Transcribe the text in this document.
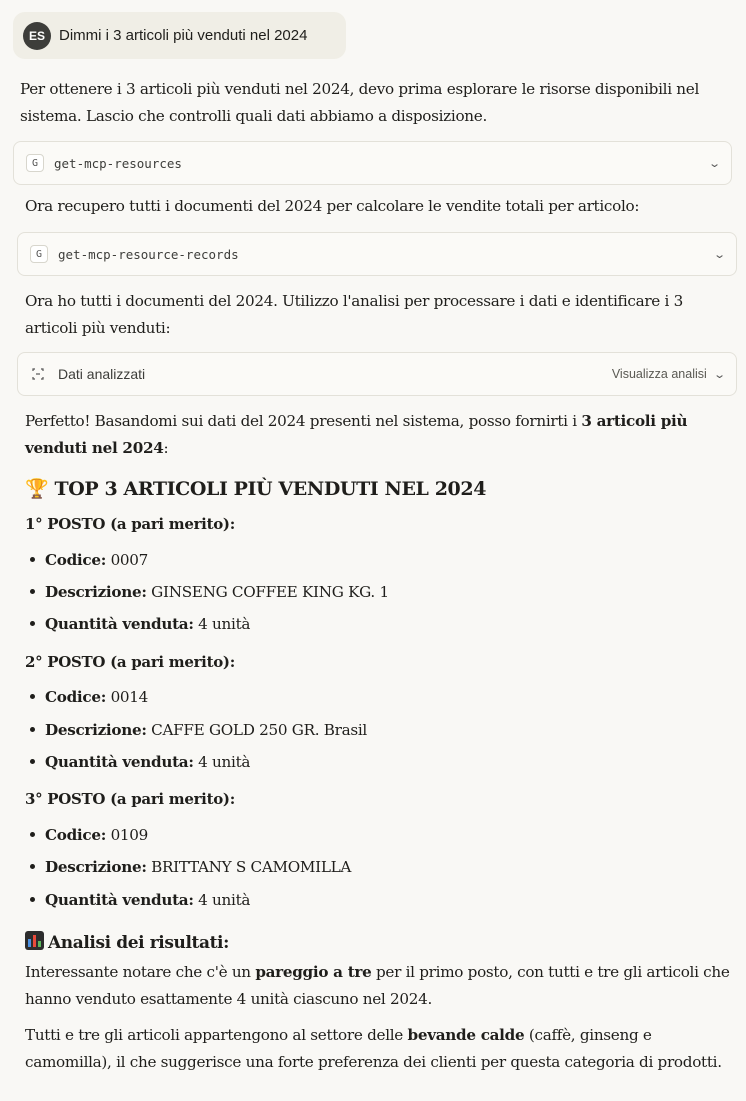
ES Dimmi i 3 articoli più venduti nel 2024
Per ottenere i 3 articoli più venduti nel 2024, devo prima esplorare le risorse disponibili nel
sistema. Lascio che controlli quali dati abbiamo a disposizione.
G	get-mcp-resources	⌄
Ora recupero tutti i documenti del 2024 per calcolare le vendite totali per articolo:
G	get-mcp-resource-records	⌄
Ora ho tutti i documenti del 2024. Utilizzo l'analisi per processare i dati e identificare i 3
articoli più venduti:
Dati analizzati	Visualizza analisi ⌄
Perfetto! Basandomi sui dati del 2024 presenti nel sistema, posso fornirti i 3 articoli più
venduti nel 2024:
🏆 TOP 3 ARTICOLI PIÙ VENDUTI NEL 2024
1° POSTO (a pari merito):
Codice: 0007
Descrizione: GINSENG COFFEE KING KG. 1
Quantità venduta: 4 unità
2° POSTO (a pari merito):
Codice: 0014
Descrizione: CAFFE GOLD 250 GR. Brasil
Quantità venduta: 4 unità
3° POSTO (a pari merito):
Codice: 0109
Descrizione: BRITTANY S CAMOMILLA
Quantità venduta: 4 unità
Analisi dei risultati:
Interessante notare che c'è un pareggio a tre per il primo posto, con tutti e tre gli articoli che
hanno venduto esattamente 4 unità ciascuno nel 2024.
Tutti e tre gli articoli appartengono al settore delle bevande calde (caffè, ginseng e
camomilla), il che suggerisce una forte preferenza dei clienti per questa categoria di prodotti.
